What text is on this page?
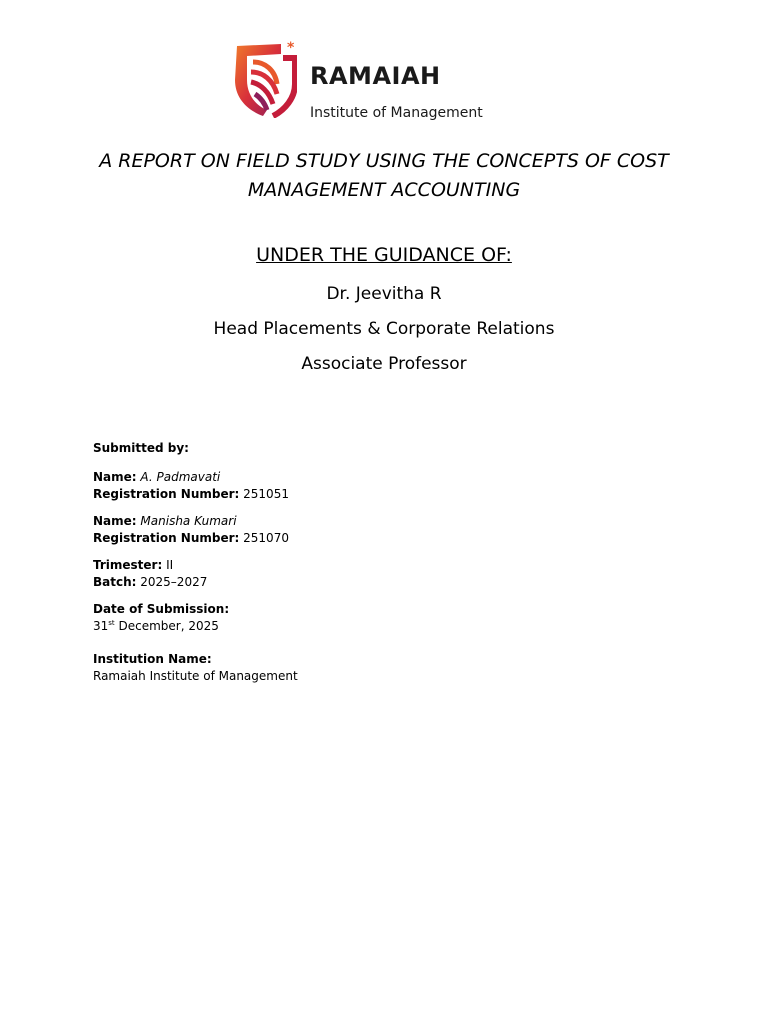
*
RAMAIAH
Institute of Management
A REPORT ON FIELD STUDY USING THE CONCEPTS OF COST
MANAGEMENT ACCOUNTING
UNDER THE GUIDANCE OF:
Dr. Jeevitha R
Head Placements & Corporate Relations
Associate Professor
Submitted by:
Name: A. Padmavati
Registration Number: 251051
Name: Manisha Kumari
Registration Number: 251070
Trimester: II
Batch: 2025–2027
Date of Submission:
31st December, 2025
Institution Name:
Ramaiah Institute of Management
